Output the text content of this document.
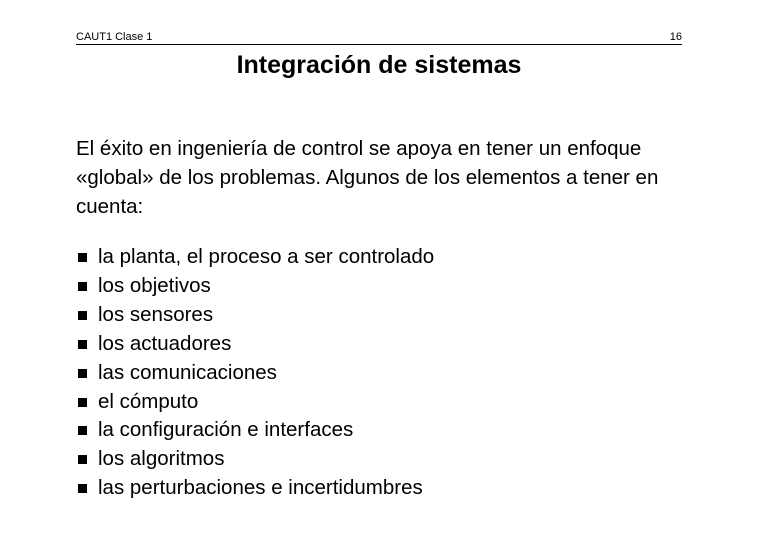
CAUT1 Clase 1	16
Integración de sistemas

El éxito en ingeniería de control se apoya en tener un enfoque «global» de los problemas. Algunos de los elementos a tener en cuenta:

la planta, el proceso a ser controlado
los objetivos
los sensores
los actuadores
las comunicaciones
el cómputo
la configuración e interfaces
los algoritmos
las perturbaciones e incertidumbres
